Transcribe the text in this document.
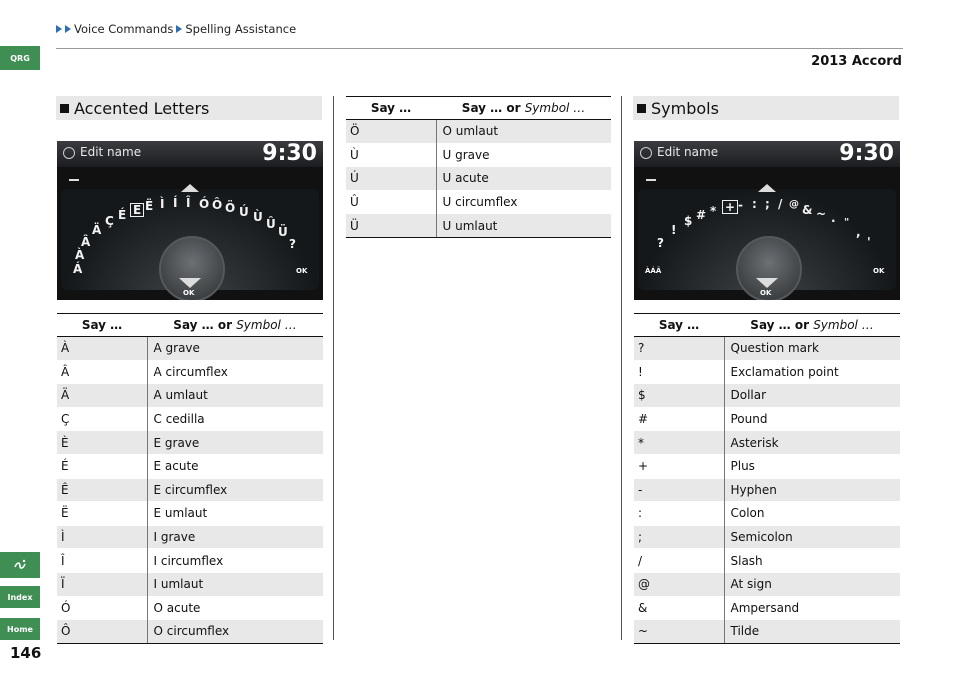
Voice Commands Spelling Assistance
2013 Accord
146
QRG
Index
Home
Accented Letters
Edit name	9:30
Á
À
Â
Ä
Ç É E Ë Ì Í Î Ó Ô Ö Ú Ù Û
Ü
?
OK
OK
Say …	Say … or Symbol …
À	A grave
Â	A circumflex
Ä	A umlaut
Ç	C cedilla
È	E grave
É	E acute
Ê	E circumflex
Ë	E umlaut
Ì	I grave
Î	I circumflex
Ï	I umlaut
Ó	O acute
Ô	O circumflex
Say …	Say … or Symbol …
Ö	O umlaut
Ù	U grave
Ú	U acute
Û	U circumflex
Ü	U umlaut
Symbols
Edit name	9:30
ÀÁÂ
?
!
$ # * + - : ; / @ & ~ . "
,
'
OK
OK
Say …	Say … or Symbol …
?	Question mark
!	Exclamation point
$	Dollar
#	Pound
*	Asterisk
+	Plus
-	Hyphen
:	Colon
;	Semicolon
/	Slash
@	At sign
&	Ampersand
~	Tilde
